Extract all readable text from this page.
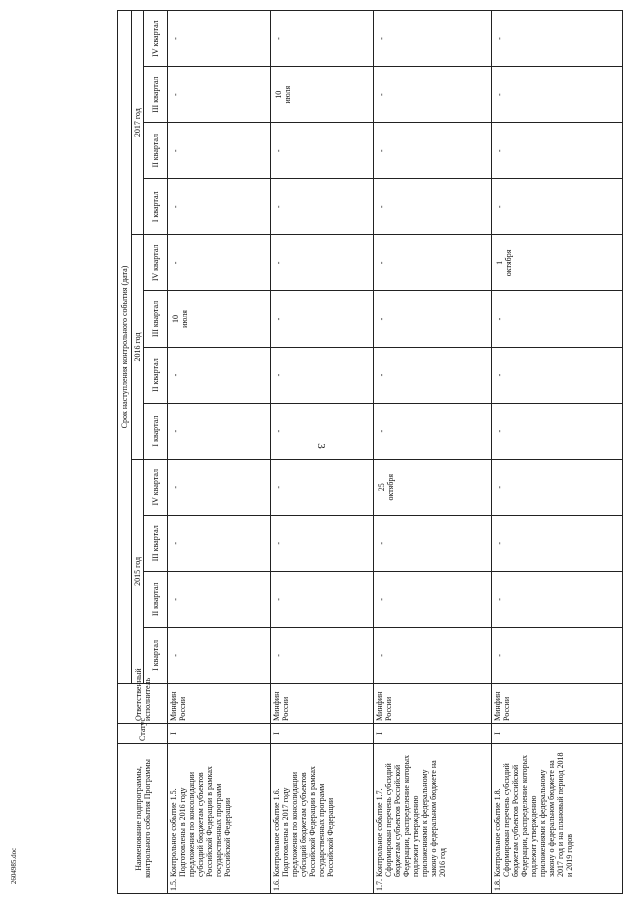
3
2604985.doc	Наименование подпрограммы, контрольного события Программы	Статус	Ответственный исполнитель	Срок наступления контрольного события (дата)											
			2015 год				2016 год				2017 год			
			I квартал	II квартал	III квартал	IV квартал	I квартал	II квартал	III квартал	IV квартал	I квартал	II квартал	III квартал	IV квартал
1.5.Контрольное событие 1.5. Подготовлены в 2016 году предложения по консолидации субсидий бюджетам субъектов Российской Федерации в рамках государственных программ Российской Федерации	I	Минфин России	-	-	-	-	-	-	10 июля	-	-	-	-	-
1.6.Контрольное событие 1.6. Подготовлены в 2017 году предложения по консолидации субсидий бюджетам субъектов Российской Федерации в рамках государственных программ Российской Федерации	I	Минфин России	-	-	-	-	-	-	-	-	-	-	10 июля	-
1.7.Контрольное событие 1.7. Сформирован перечень субсидий бюджетам субъектов Российской Федерации, распределение которых подлежит утверждению приложениями к федеральному закону о федеральном бюджете на 2016 год	I	Минфин России	-	-	-	25 октября	-	-	-	-	-	-	-	-
1.8.Контрольное событие 1.8. Сформирован перечень субсидий бюджетам субъектов Российской Федерации, распределение которых подлежит утверждению приложениями к федеральному закону о федеральном бюджете на 2017 год и на плановый период 2018 и 2019 годов	I	Минфин России	-	-	-	-	-	-	-	1 октября	-	-	-	-
